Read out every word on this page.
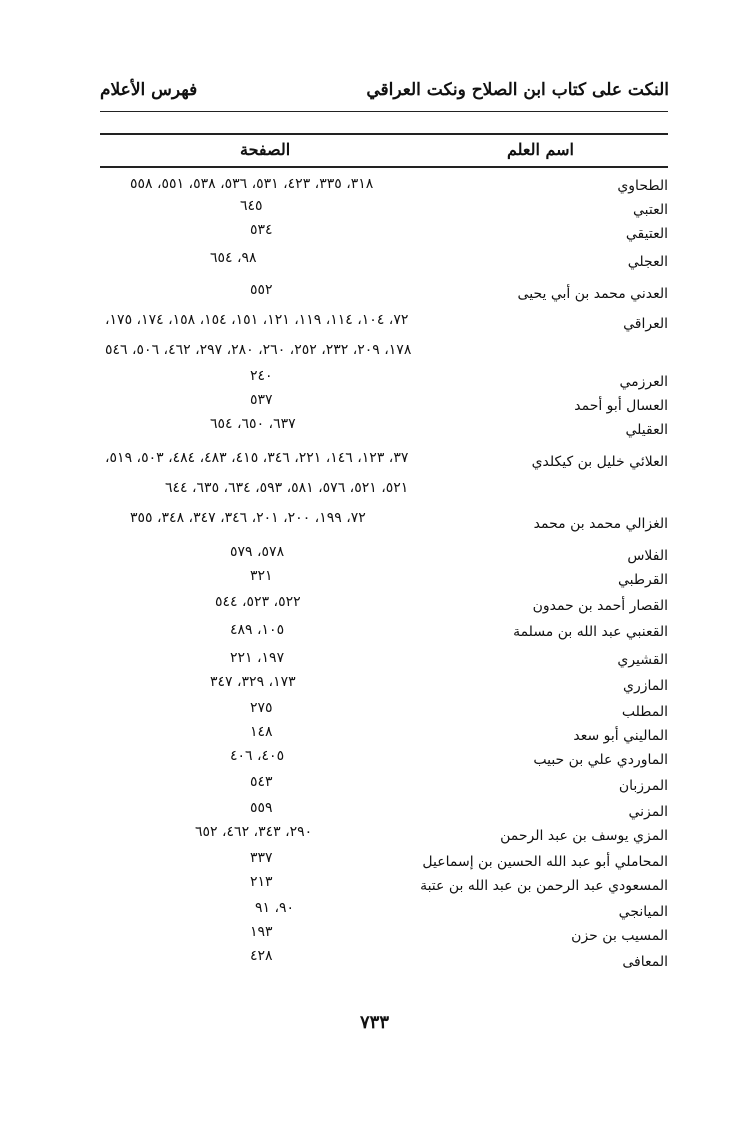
النكت على كتاب ابن الصلاح ونكت العراقي
فهرس الأعلام
اسم العلم
الصفحة
الطحاوي
٣١٨، ٣٣٥، ٤٢٣، ٥٣١، ٥٣٦، ٥٣٨، ٥٥١، ٥٥٨
العتبي
٦٤٥
العتيقي
٥٣٤
العجلي
٩٨، ٦٥٤
العدني محمد بن أبي يحيى
٥٥٢
العراقي
٧٢، ١٠٤، ١١٤، ١١٩، ١٢١، ١٥١، ١٥٤، ١٥٨، ١٧٤، ١٧٥،
١٧٨، ٢٠٩، ٢٣٢، ٢٥٢، ٢٦٠، ٢٨٠، ٢٩٧، ٤٦٢، ٥٠٦، ٥٤٦
العرزمي
٢٤٠
العسال أبو أحمد
٥٣٧
العقيلي
٦٣٧، ٦٥٠، ٦٥٤
العلائي خليل بن كيكلدي
٣٧، ١٢٣، ١٤٦، ٢٢١، ٣٤٦، ٤١٥، ٤٨٣، ٤٨٤، ٥٠٣، ٥١٩،
٥٢١، ٥٢١، ٥٧٦، ٥٨١، ٥٩٣، ٦٣٤، ٦٣٥، ٦٤٤
الغزالي محمد بن محمد
٧٢، ١٩٩، ٢٠٠، ٢٠١، ٣٤٦، ٣٤٧، ٣٤٨، ٣٥٥
الفلاس
٥٧٨، ٥٧٩
القرطبي
٣٢١
القصار أحمد بن حمدون
٥٢٢، ٥٢٣، ٥٤٤
القعنبي عبد الله بن مسلمة
١٠٥، ٤٨٩
القشيري
١٩٧، ٢٢١
المازري
١٧٣، ٣٢٩، ٣٤٧
المطلب
٢٧٥
الماليني أبو سعد
١٤٨
الماوردي علي بن حبيب
٤٠٥، ٤٠٦
المرزبان
٥٤٣
المزني
٥٥٩
المزي يوسف بن عبد الرحمن
٢٩٠، ٣٤٣، ٤٦٢، ٦٥٢
المحاملي أبو عبد الله الحسين بن إسماعيل
٣٣٧
المسعودي عبد الرحمن بن عبد الله بن عتبة
٢١٣
الميانجي
٩٠، ٩١
المسيب بن حزن
١٩٣
المعافى
٤٢٨
٧٣٣
